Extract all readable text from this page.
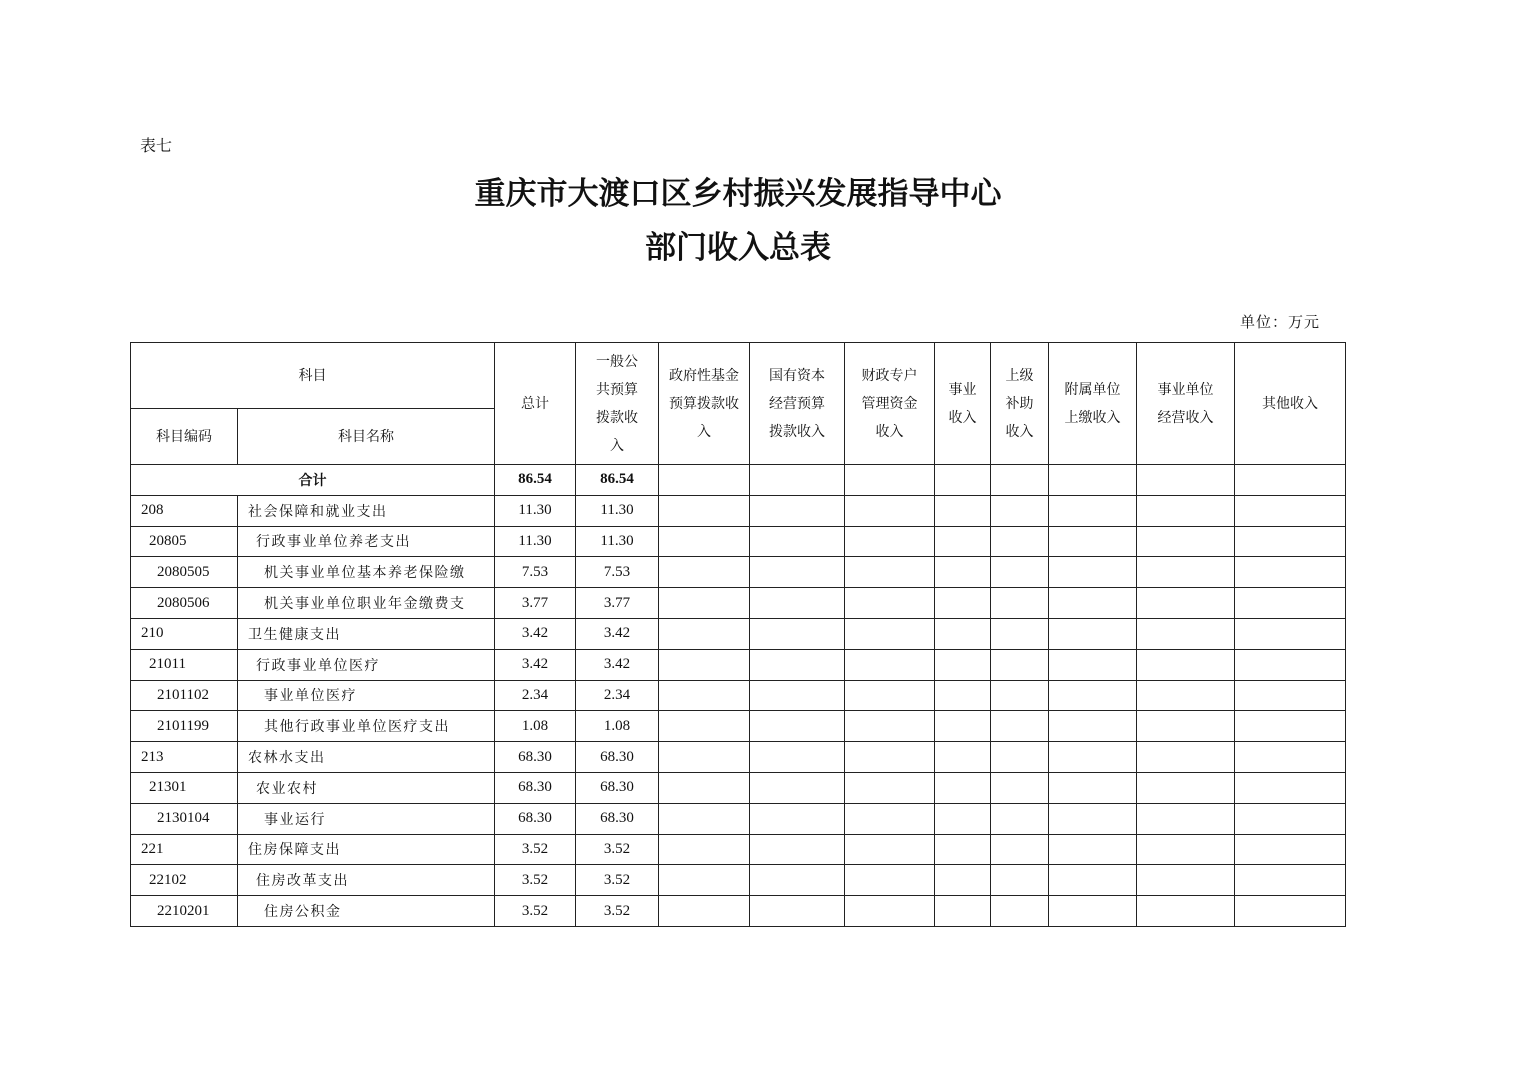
表七
重庆市大渡口区乡村振兴发展指导中心
部门收入总表
单位：万元
科目		总计	一般公共预算拨款收入	政府性基金预算拨款收入	国有资本经营预算拨款收入	财政专户管理资金收入	事业收入	上级补助收入	附属单位上缴收入	事业单位经营收入	其他收入
科目编码	科目名称										
合计		86.54	86.54								
208	社会保障和就业支出	11.30	11.30								
20805	行政事业单位养老支出	11.30	11.30								
2080505	机关事业单位基本养老保险缴	7.53	7.53								
2080506	机关事业单位职业年金缴费支	3.77	3.77								
210	卫生健康支出	3.42	3.42								
21011	行政事业单位医疗	3.42	3.42								
2101102	事业单位医疗	2.34	2.34								
2101199	其他行政事业单位医疗支出	1.08	1.08								
213	农林水支出	68.30	68.30								
21301	农业农村	68.30	68.30								
2130104	事业运行	68.30	68.30								
221	住房保障支出	3.52	3.52								
22102	住房改革支出	3.52	3.52								
2210201	住房公积金	3.52	3.52								
